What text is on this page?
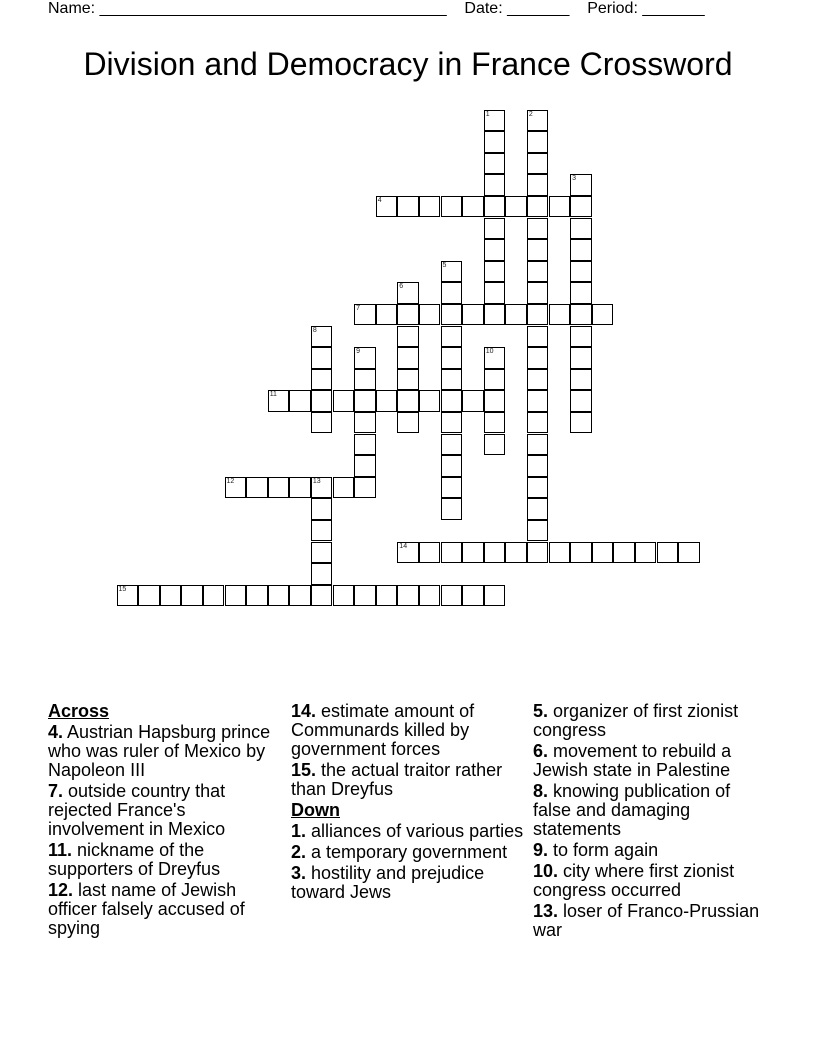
Name: _______________________________________ Date: _______ Period: _______
Division and Democracy in France Crossword
1	2
3
4
5
6
7
8
9	10
11
12	13
14
15
Across
4. Austrian Hapsburg prince who was ruler of Mexico by Napoleon III
7. outside country that rejected France's involvement in Mexico
11. nickname of the supporters of Dreyfus
12. last name of Jewish officer falsely accused of spying
14. estimate amount of Communards killed by government forces
15. the actual traitor rather than Dreyfus
Down
1. alliances of various parties
2. a temporary government
3. hostility and prejudice toward Jews
5. organizer of first zionist congress
6. movement to rebuild a Jewish state in Palestine
8. knowing publication of false and damaging statements
9. to form again
10. city where first zionist congress occurred
13. loser of Franco-Prussian war
